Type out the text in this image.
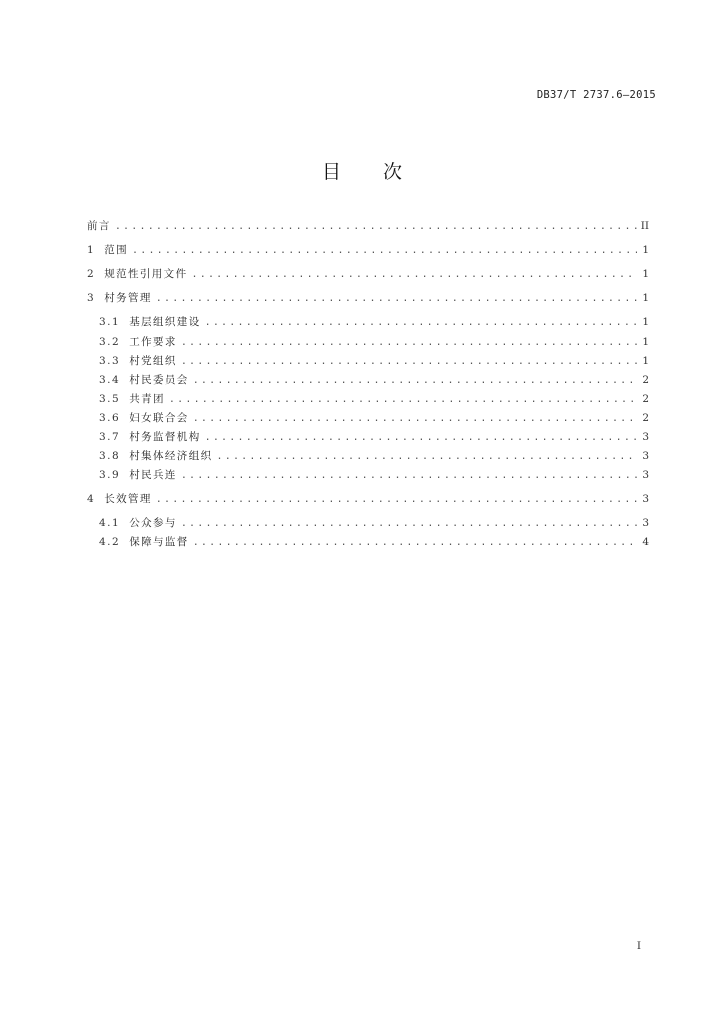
DB37/T 2737.6—2015
目 次
前言 .....	II
1 范围 .....	1
2 规范性引用文件 .....	1
3 村务管理 .....	1
3.1 基层组织建设 .....	1
3.2 工作要求 .....	1
3.3 村党组织 .....	1
3.4 村民委员会 .....	2
3.5 共青团 .....	2
3.6 妇女联合会 .....	2
3.7 村务监督机构 .....	3
3.8 村集体经济组织 .....	3
3.9 村民兵连 .....	3
4 长效管理 .....	3
4.1 公众参与 .....	3
4.2 保障与监督 .....	4
I
